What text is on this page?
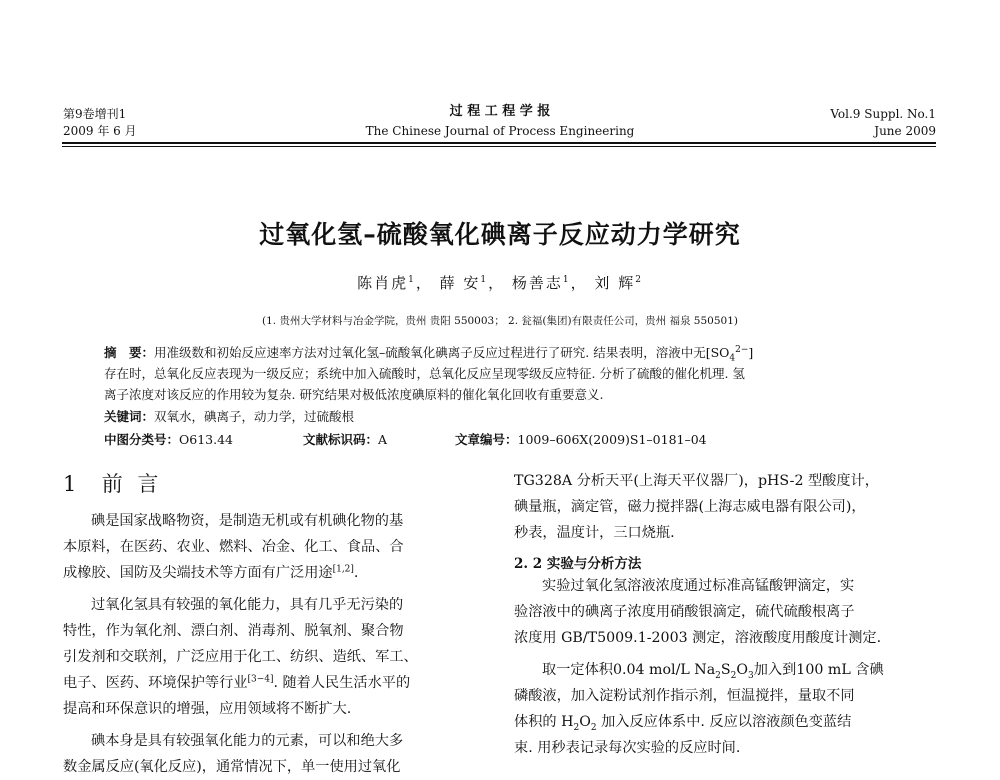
第9卷增刊1
2009 年 6 月
过 程 工 程 学 报
The Chinese Journal of Process Engineering
Vol.9 Suppl. No.1
June 2009
过氧化氢–硫酸氧化碘离子反应动力学研究
陈肖虎$^1$， 薛 安$^1$， 杨善志$^1$， 刘 辉$^2$
(1. 贵州大学材料与冶金学院，贵州 贵阳 550003； 2. 瓮福(集团)有限责任公司，贵州 福泉 550501)
摘　要：用准级数和初始反应速率方法对过氧化氢–硫酸氧化碘离子反应过程进行了研究. 结果表明，溶液中无$[SO_4^{2-}]$
存在时，总氧化反应表现为一级反应；系统中加入硫酸时，总氧化反应呈现零级反应特征. 分析了硫酸的催化机理. 氢
离子浓度对该反应的作用较为复杂. 研究结果对极低浓度碘原料的催化氧化回收有重要意义.
关键词：双氧水，碘离子，动力学，过硫酸根
中图分类号：O613.44	文献标识码：A	文章编号：1009–606X(2009)S1–0181–04
1 前 言

碘是国家战略物资，是制造无机或有机碘化物的基

本原料，在医药、农业、燃料、冶金、化工、食品、合

成橡胶、国防及尖端技术等方面有广泛用途[1,2].

过氧化氢具有较强的氧化能力，具有几乎无污染的

特性，作为氧化剂、漂白剂、消毒剂、脱氧剂、聚合物

引发剂和交联剂，广泛应用于化工、纺织、造纸、军工、

电子、医药、环境保护等行业[3−4]. 随着人民生活水平的

提高和环保意识的增强，应用领域将不断扩大.

碘本身是具有较强氧化能力的元素，可以和绝大多

数金属反应(氧化反应)，通常情况下，单一使用过氧化

TG328A 分析天平(上海天平仪器厂)，pHS-2 型酸度计，

碘量瓶，滴定管，磁力搅拌器(上海志威电器有限公司)，

秒表，温度计，三口烧瓶.

2. 2 实验与分析方法

实验过氧化氢溶液浓度通过标准高锰酸钾滴定，实

验溶液中的碘离子浓度用硝酸银滴定，硫代硫酸根离子

浓度用 GB/T5009.1-2003 测定，溶液酸度用酸度计测定.

取一定体积0.04 mol/L $Na_2S_2O_3$加入到100 mL 含碘

磷酸液，加入淀粉试剂作指示剂，恒温搅拌，量取不同

体积的 $H_2O_2$ 加入反应体系中. 反应以溶液颜色变蓝结

束. 用秒表记录每次实验的反应时间.
